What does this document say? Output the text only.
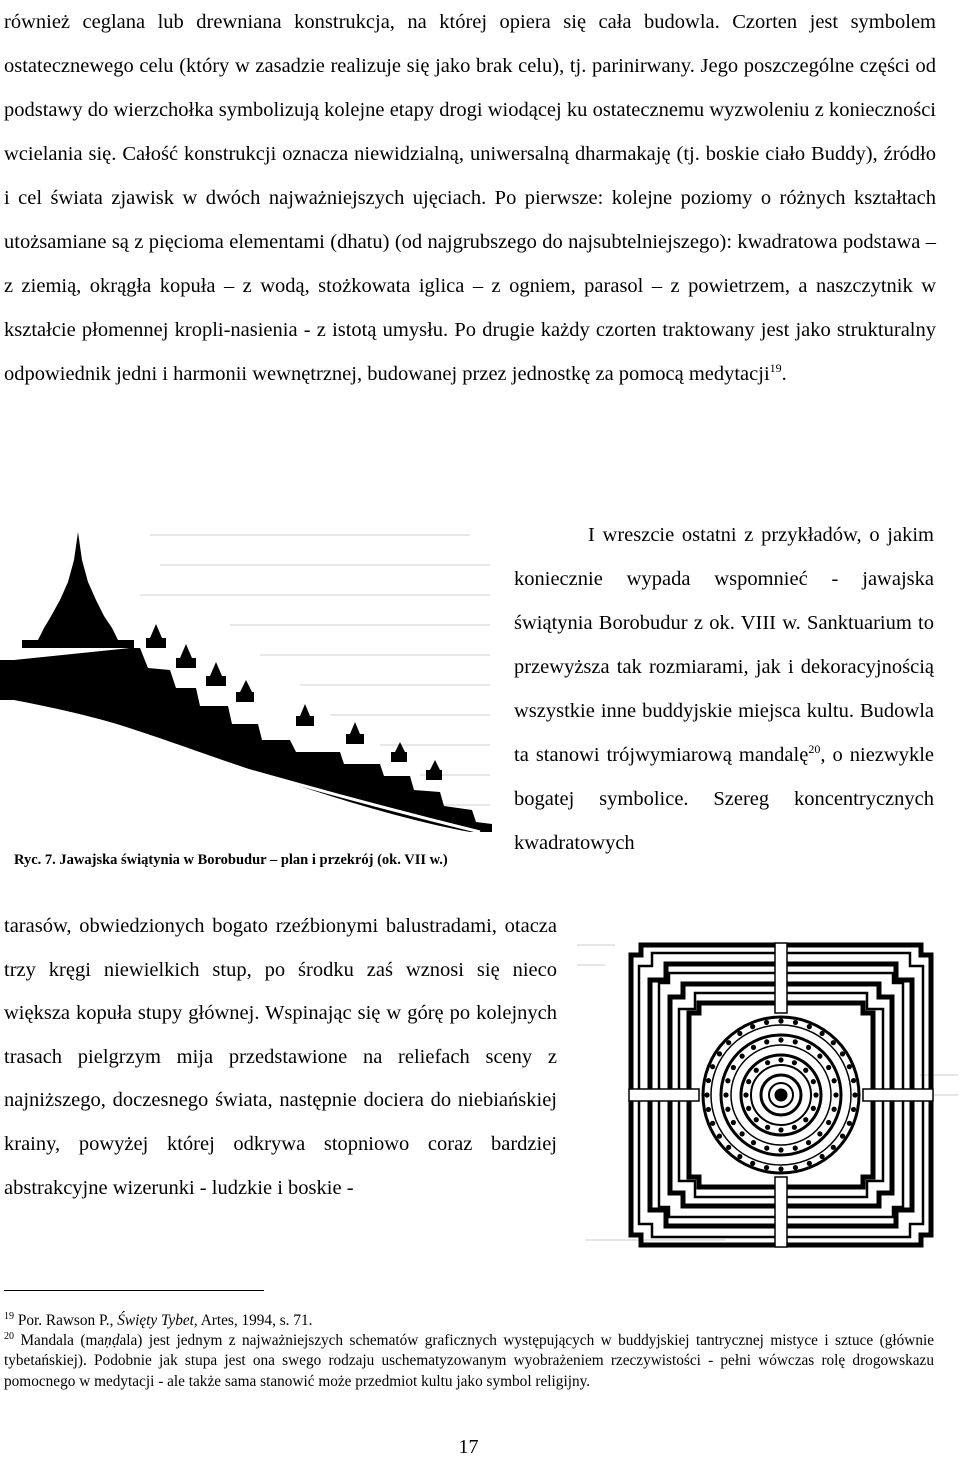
również ceglana lub drewniana konstrukcja, na której opiera się cała budowla. Czorten jest symbolem ostatecznewego celu (który w zasadzie realizuje się jako brak celu), tj. parinirwany. Jego poszczególne części od podstawy do wierzchołka symbolizują kolejne etapy drogi wiodącej ku ostatecznemu wyzwoleniu z konieczności wcielania się. Całość konstrukcji oznacza niewidzialną, uniwersalną dharmakaję (tj. boskie ciało Buddy), źródło i cel świata zjawisk w dwóch najważniejszych ujęciach. Po pierwsze: kolejne poziomy o różnych kształtach utożsamiane są z pięcioma elementami (dhatu) (od najgrubszego do najsubtelniejszego): kwadratowa podstawa – z ziemią, okrągła kopuła – z wodą, stożkowata iglica – z ogniem, parasol – z powietrzem, a naszczytnik w kształcie płomennej kropli-nasienia - z istotą umysłu. Po drugie każdy czorten traktowany jest jako strukturalny odpowiednik jedni i harmonii wewnętrznej, budowanej przez jednostkę za pomocą medytacji$^{19}$.

Ryc. 7. Jawajska świątynia w Borobudur – plan i przekrój (ok. VII w.)

I wreszcie ostatni z przykładów, o jakim koniecznie wypada wspomnieć - jawajska świątynia Borobudur z ok. VIII w. Sanktuarium to przewyższa tak rozmiarami, jak i dekoracyjnością wszystkie inne buddyjskie miejsca kultu. Budowla ta stanowi trójwymiarową mandalę$^{20}$, o niezwykle bogatej symbolice. Szereg koncentrycznych kwadratowych

tarasów, obwiedzionych bogato rzeźbionymi balustradami, otacza trzy kręgi niewielkich stup, po środku zaś wznosi się nieco większa kopuła stupy głównej. Wspinając się w górę po kolejnych trasach pielgrzym mija przedstawione na reliefach sceny z najniższego, doczesnego świata, następnie dociera do niebiańskiej krainy, powyżej której odkrywa stopniowo coraz bardziej abstrakcyjne wizerunki - ludzkie i boskie -

$^{19}$ Por. Rawson P., Święty Tybet, Artes, 1994, s. 71.

$^{20}$ Mandala (maṇḍala) jest jednym z najważniejszych schematów graficznych występujących w buddyjskiej tantrycznej mistyce i sztuce (głównie tybetańskiej). Podobnie jak stupa jest ona swego rodzaju uschematyzowanym wyobrażeniem rzeczywistości - pełni wówczas rolę drogowskazu pomocnego w medytacji - ale także sama stanowić może przedmiot kultu jako symbol religijny.

17
